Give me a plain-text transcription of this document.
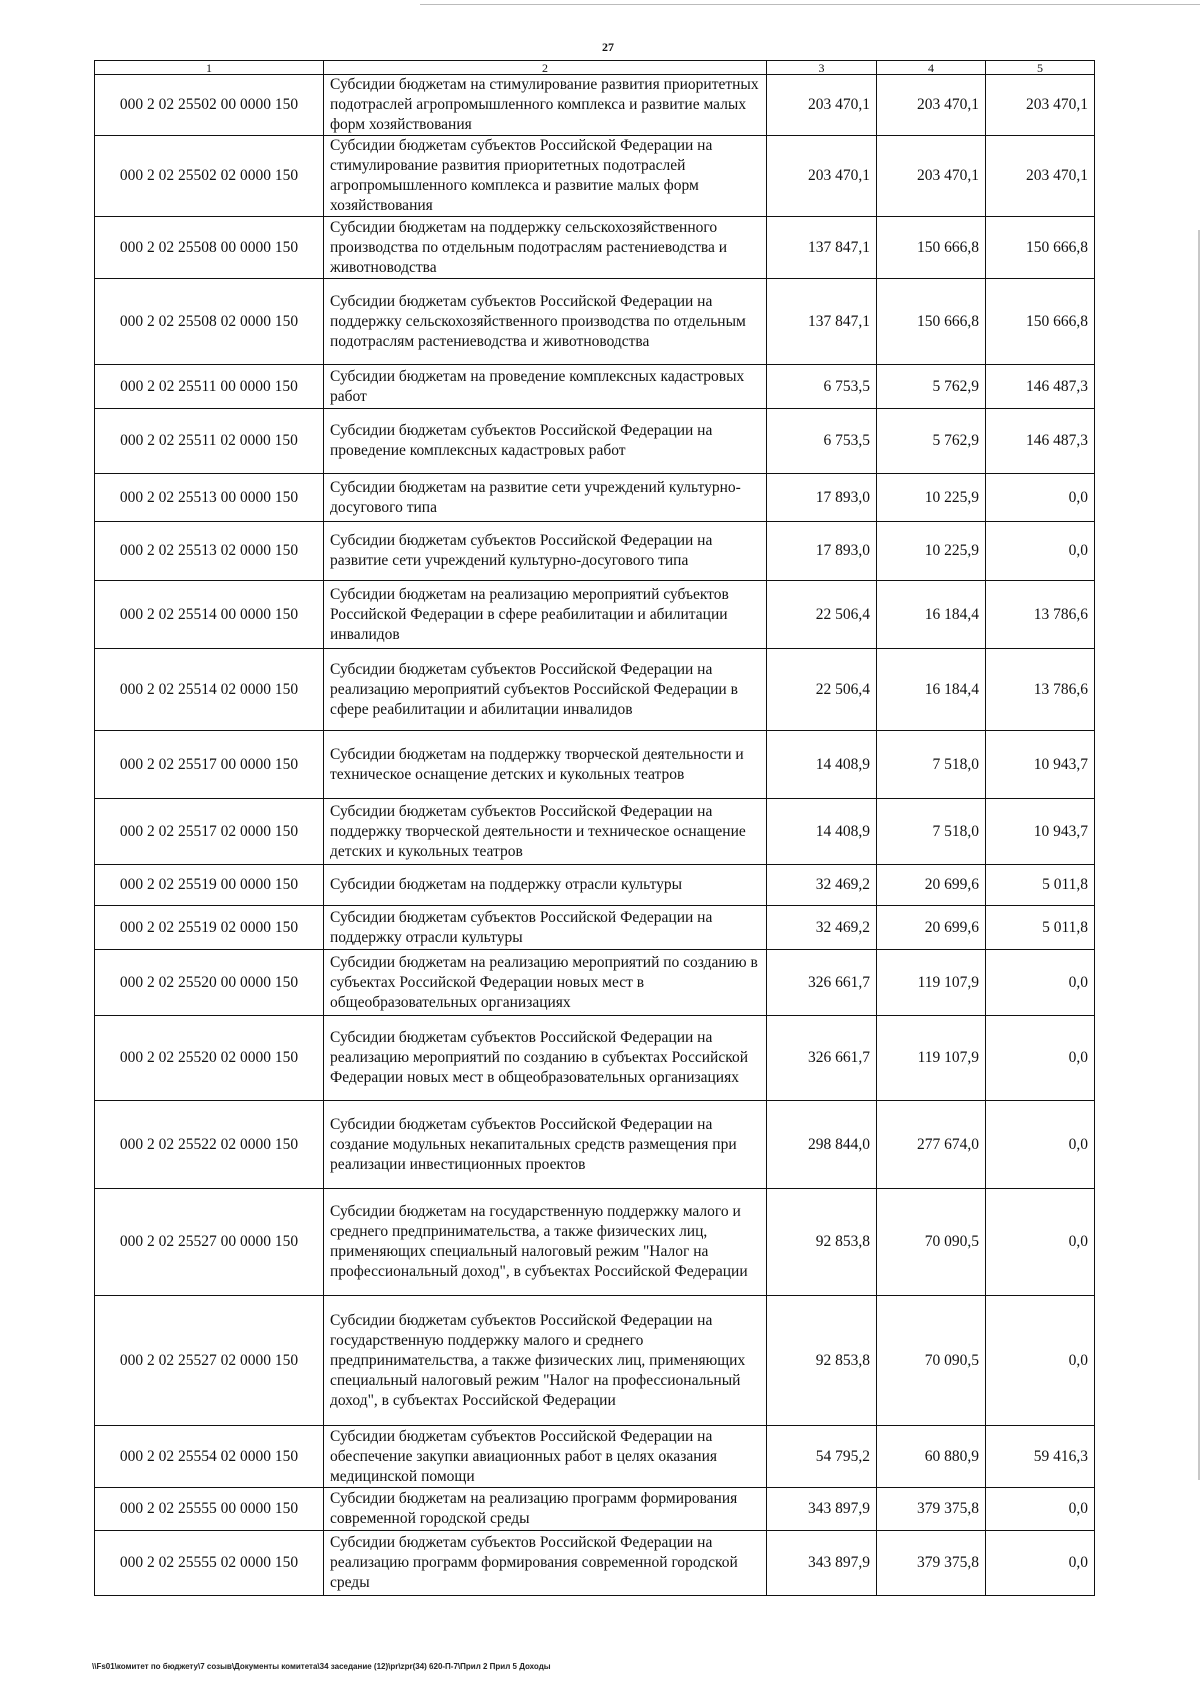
27
1	2	3	4	5
000 2 02 25502 00 0000 150	Субсидии бюджетам на стимулирование развития приоритетных подотраслей агропромышленного комплекса и развитие малых форм хозяйствования	203 470,1	203 470,1	203 470,1
000 2 02 25502 02 0000 150	Субсидии бюджетам субъектов Российской Федерации на стимулирование развития приоритетных подотраслей агропромышленного комплекса и развитие малых форм хозяйствования	203 470,1	203 470,1	203 470,1
000 2 02 25508 00 0000 150	Субсидии бюджетам на поддержку сельскохозяйственного производства по отдельным подотраслям растениеводства и животноводства	137 847,1	150 666,8	150 666,8
000 2 02 25508 02 0000 150	Субсидии бюджетам субъектов Российской Федерации на поддержку сельскохозяйственного производства по отдельным подотраслям растениеводства и животноводства	137 847,1	150 666,8	150 666,8
000 2 02 25511 00 0000 150	Субсидии бюджетам на проведение комплексных кадастровых работ	6 753,5	5 762,9	146 487,3
000 2 02 25511 02 0000 150	Субсидии бюджетам субъектов Российской Федерации на проведение комплексных кадастровых работ	6 753,5	5 762,9	146 487,3
000 2 02 25513 00 0000 150	Субсидии бюджетам на развитие сети учреждений культурно-досугового типа	17 893,0	10 225,9	0,0
000 2 02 25513 02 0000 150	Субсидии бюджетам субъектов Российской Федерации на развитие сети учреждений культурно-досугового типа	17 893,0	10 225,9	0,0
000 2 02 25514 00 0000 150	Субсидии бюджетам на реализацию мероприятий субъектов Российской Федерации в сфере реабилитации и абилитации инвалидов	22 506,4	16 184,4	13 786,6
000 2 02 25514 02 0000 150	Субсидии бюджетам субъектов Российской Федерации на реализацию мероприятий субъектов Российской Федерации в сфере реабилитации и абилитации инвалидов	22 506,4	16 184,4	13 786,6
000 2 02 25517 00 0000 150	Субсидии бюджетам на поддержку творческой деятельности и техническое оснащение детских и кукольных театров	14 408,9	7 518,0	10 943,7
000 2 02 25517 02 0000 150	Субсидии бюджетам субъектов Российской Федерации на поддержку творческой деятельности и техническое оснащение детских и кукольных театров	14 408,9	7 518,0	10 943,7
000 2 02 25519 00 0000 150	Субсидии бюджетам на поддержку отрасли культуры	32 469,2	20 699,6	5 011,8
000 2 02 25519 02 0000 150	Субсидии бюджетам субъектов Российской Федерации на поддержку отрасли культуры	32 469,2	20 699,6	5 011,8
000 2 02 25520 00 0000 150	Субсидии бюджетам на реализацию мероприятий по созданию в субъектах Российской Федерации новых мест в общеобразовательных организациях	326 661,7	119 107,9	0,0
000 2 02 25520 02 0000 150	Субсидии бюджетам субъектов Российской Федерации на реализацию мероприятий по созданию в субъектах Российской Федерации новых мест в общеобразовательных организациях	326 661,7	119 107,9	0,0
000 2 02 25522 02 0000 150	Субсидии бюджетам субъектов Российской Федерации на создание модульных некапитальных средств размещения при реализации инвестиционных проектов	298 844,0	277 674,0	0,0
000 2 02 25527 00 0000 150	Субсидии бюджетам на государственную поддержку малого и среднего предпринимательства, а также физических лиц, применяющих специальный налоговый режим "Налог на профессиональный доход", в субъектах Российской Федерации	92 853,8	70 090,5	0,0
000 2 02 25527 02 0000 150	Субсидии бюджетам субъектов Российской Федерации на государственную поддержку малого и среднего предпринимательства, а также физических лиц, применяющих специальный налоговый режим "Налог на профессиональный доход", в субъектах Российской Федерации	92 853,8	70 090,5	0,0
000 2 02 25554 02 0000 150	Субсидии бюджетам субъектов Российской Федерации на обеспечение закупки авиационных работ в целях оказания медицинской помощи	54 795,2	60 880,9	59 416,3
000 2 02 25555 00 0000 150	Субсидии бюджетам на реализацию программ формирования современной городской среды	343 897,9	379 375,8	0,0
000 2 02 25555 02 0000 150	Субсидии бюджетам субъектов Российской Федерации на реализацию программ формирования современной городской среды	343 897,9	379 375,8	0,0
\\Fs01\комитет по бюджету\7 созыв\Документы комитета\34 заседание (12)\pr\zpr(34) 620-П-7\Прил 2 Прил 5 Доходы
